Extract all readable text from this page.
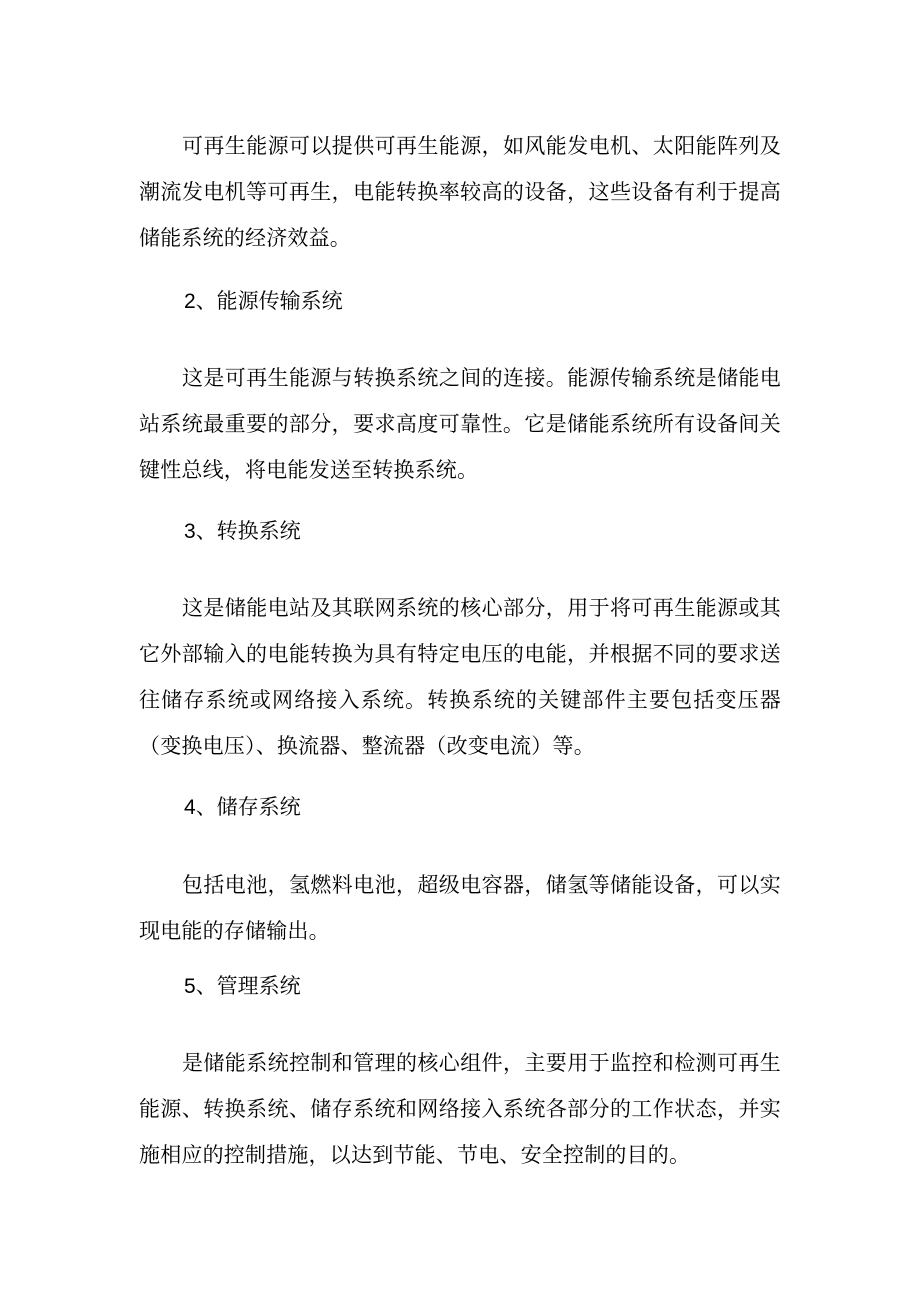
可再生能源可以提供可再生能源，如风能发电机、太阳能阵列及潮流发电机等可再生，电能转换率较高的设备，这些设备有利于提高储能系统的经济效益。

2、能源传输系统

这是可再生能源与转换系统之间的连接。能源传输系统是储能电站系统最重要的部分，要求高度可靠性。它是储能系统所有设备间关键性总线，将电能发送至转换系统。

3、转换系统

这是储能电站及其联网系统的核心部分，用于将可再生能源或其它外部输入的电能转换为具有特定电压的电能，并根据不同的要求送往储存系统或网络接入系统。转换系统的关键部件主要包括变压器（变换电压）、换流器、整流器（改变电流）等。

4、储存系统

包括电池，氢燃料电池，超级电容器，储氢等储能设备，可以实现电能的存储输出。

5、管理系统

是储能系统控制和管理的核心组件，主要用于监控和检测可再生能源、转换系统、储存系统和网络接入系统各部分的工作状态，并实施相应的控制措施，以达到节能、节电、安全控制的目的。
